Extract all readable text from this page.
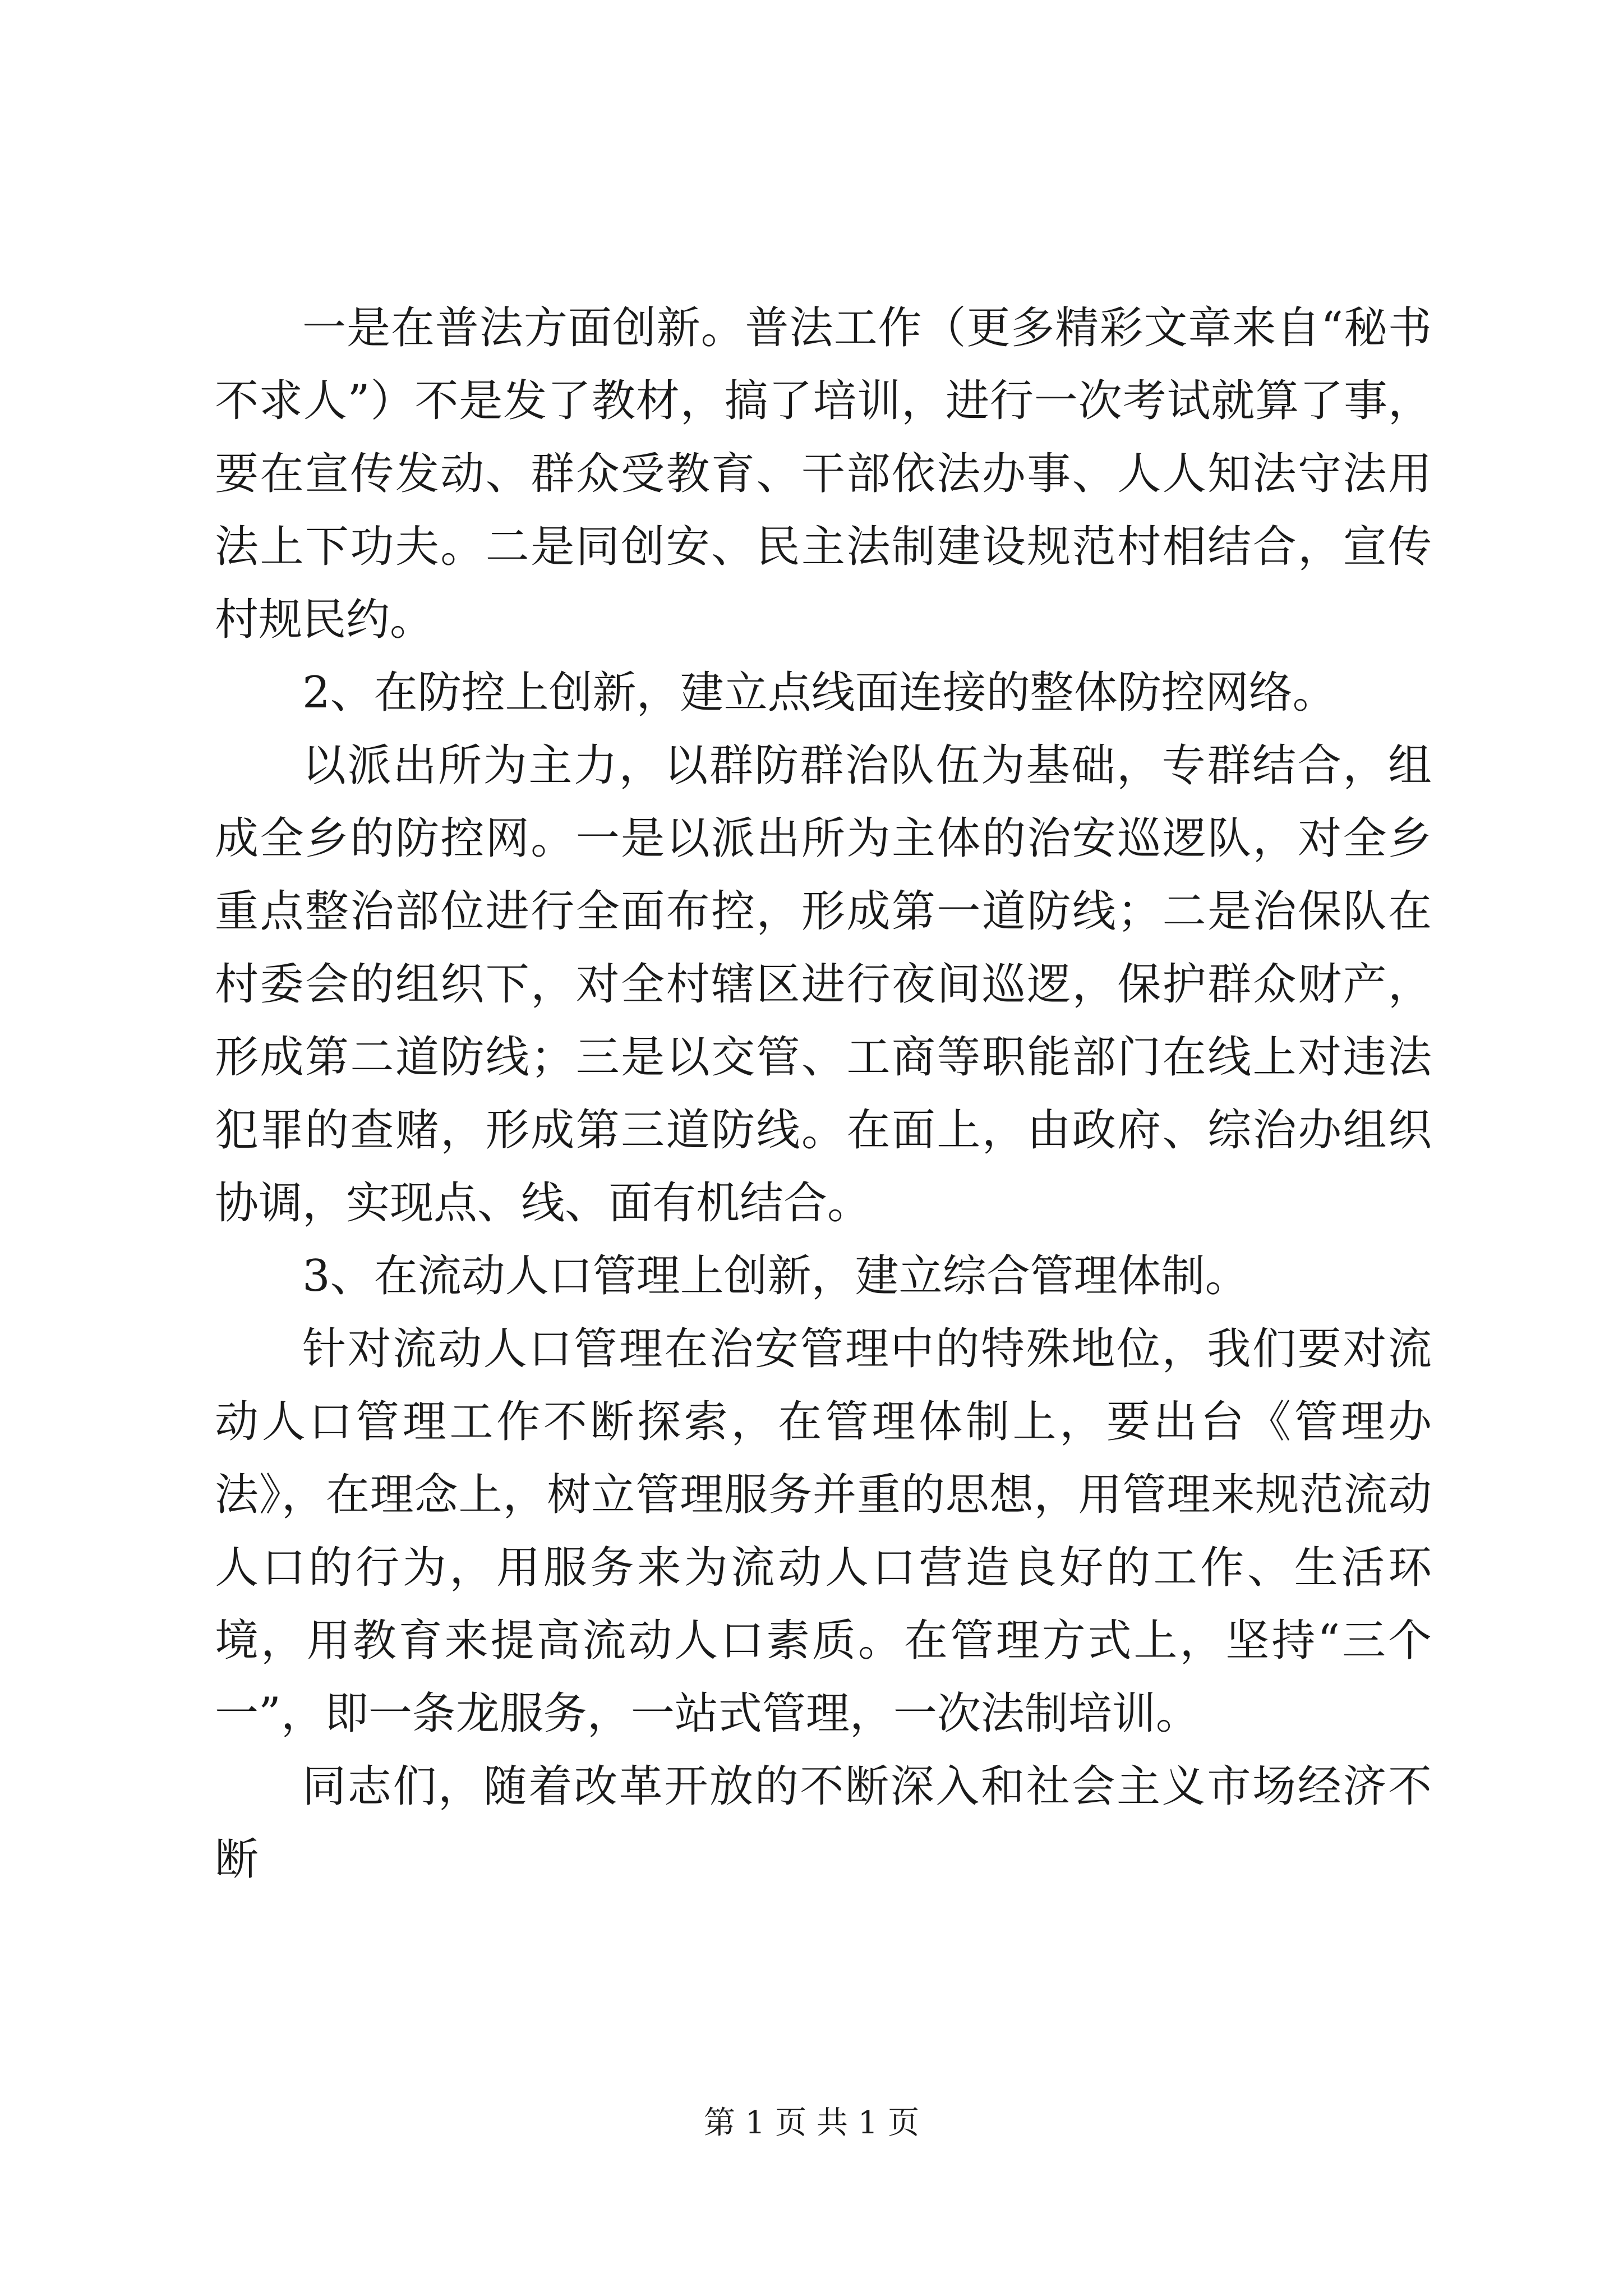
一是在普法方面创新。普法工作（更多精彩文章来自“秘书不求人”）不是发了教材，搞了培训，进行一次考试就算了事，要在宣传发动、群众受教育、干部依法办事、人人知法守法用法上下功夫。二是同创安、民主法制建设规范村相结合，宣传村规民约。

2、在防控上创新，建立点线面连接的整体防控网络。

以派出所为主力，以群防群治队伍为基础，专群结合，组成全乡的防控网。一是以派出所为主体的治安巡逻队，对全乡重点整治部位进行全面布控，形成第一道防线；二是治保队在村委会的组织下，对全村辖区进行夜间巡逻，保护群众财产，形成第二道防线；三是以交管、工商等职能部门在线上对违法犯罪的查赌，形成第三道防线。在面上，由政府、综治办组织协调，实现点、线、面有机结合。

3、在流动人口管理上创新，建立综合管理体制。

针对流动人口管理在治安管理中的特殊地位，我们要对流动人口管理工作不断探索，在管理体制上，要出台《管理办法》，在理念上，树立管理服务并重的思想，用管理来规范流动人口的行为，用服务来为流动人口营造良好的工作、生活环境，用教育来提高流动人口素质。在管理方式上，坚持“三个一”，即一条龙服务，一站式管理，一次法制培训。

同志们，随着改革开放的不断深入和社会主义市场经济不断

第 1 页 共 1 页
